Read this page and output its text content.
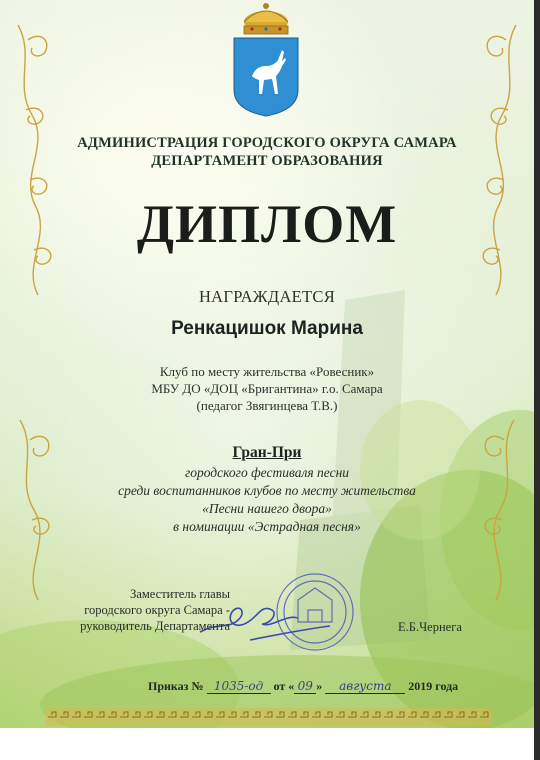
АДМИНИСТРАЦИЯ ГОРОДСКОГО ОКРУГА САМАРА
ДЕПАРТАМЕНТ ОБРАЗОВАНИЯ
ДИПЛОМ
НАГРАЖДАЕТСЯ
Ренкацишок Марина
Клуб по месту жительства «Ровесник»
МБУ ДО «ДОЦ «Бригантина» г.о. Самара
(педагог Звягинцева Т.В.)
Гран-При
городского фестиваля песни
среди воспитанников клубов по месту жительства
«Песни нашего двора»
в номинации «Эстрадная песня»
Заместитель главы
городского округа Самара -
руководитель Департамента	Е.Б.Чернега
Приказ № 1035-од от « 09 » августа 2019 года
